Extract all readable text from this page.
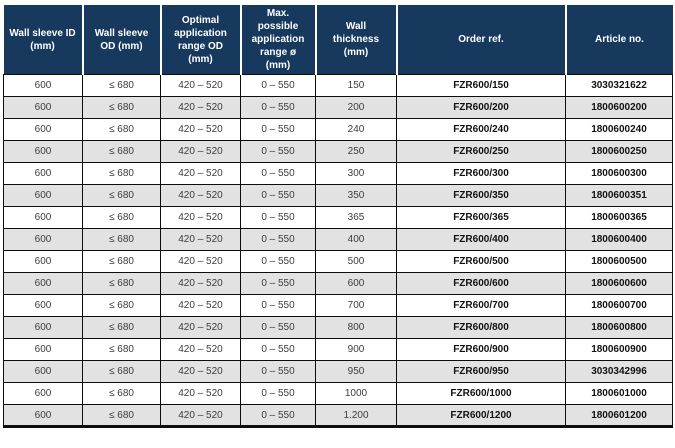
Wall sleeve ID (mm)	Wall sleeve OD (mm)	Optimal application range OD (mm)	Max. possible application range ø (mm)	Wall thickness (mm)	Order ref.	Article no.
600	≤ 680	420 – 520	0 – 550	150	FZR600/150	3030321622
600	≤ 680	420 – 520	0 – 550	200	FZR600/200	1800600200
600	≤ 680	420 – 520	0 – 550	240	FZR600/240	1800600240
600	≤ 680	420 – 520	0 – 550	250	FZR600/250	1800600250
600	≤ 680	420 – 520	0 – 550	300	FZR600/300	1800600300
600	≤ 680	420 – 520	0 – 550	350	FZR600/350	1800600351
600	≤ 680	420 – 520	0 – 550	365	FZR600/365	1800600365
600	≤ 680	420 – 520	0 – 550	400	FZR600/400	1800600400
600	≤ 680	420 – 520	0 – 550	500	FZR600/500	1800600500
600	≤ 680	420 – 520	0 – 550	600	FZR600/600	1800600600
600	≤ 680	420 – 520	0 – 550	700	FZR600/700	1800600700
600	≤ 680	420 – 520	0 – 550	800	FZR600/800	1800600800
600	≤ 680	420 – 520	0 – 550	900	FZR600/900	1800600900
600	≤ 680	420 – 520	0 – 550	950	FZR600/950	3030342996
600	≤ 680	420 – 520	0 – 550	1000	FZR600/1000	1800601000
600	≤ 680	420 – 520	0 – 550	1.200	FZR600/1200	1800601200
